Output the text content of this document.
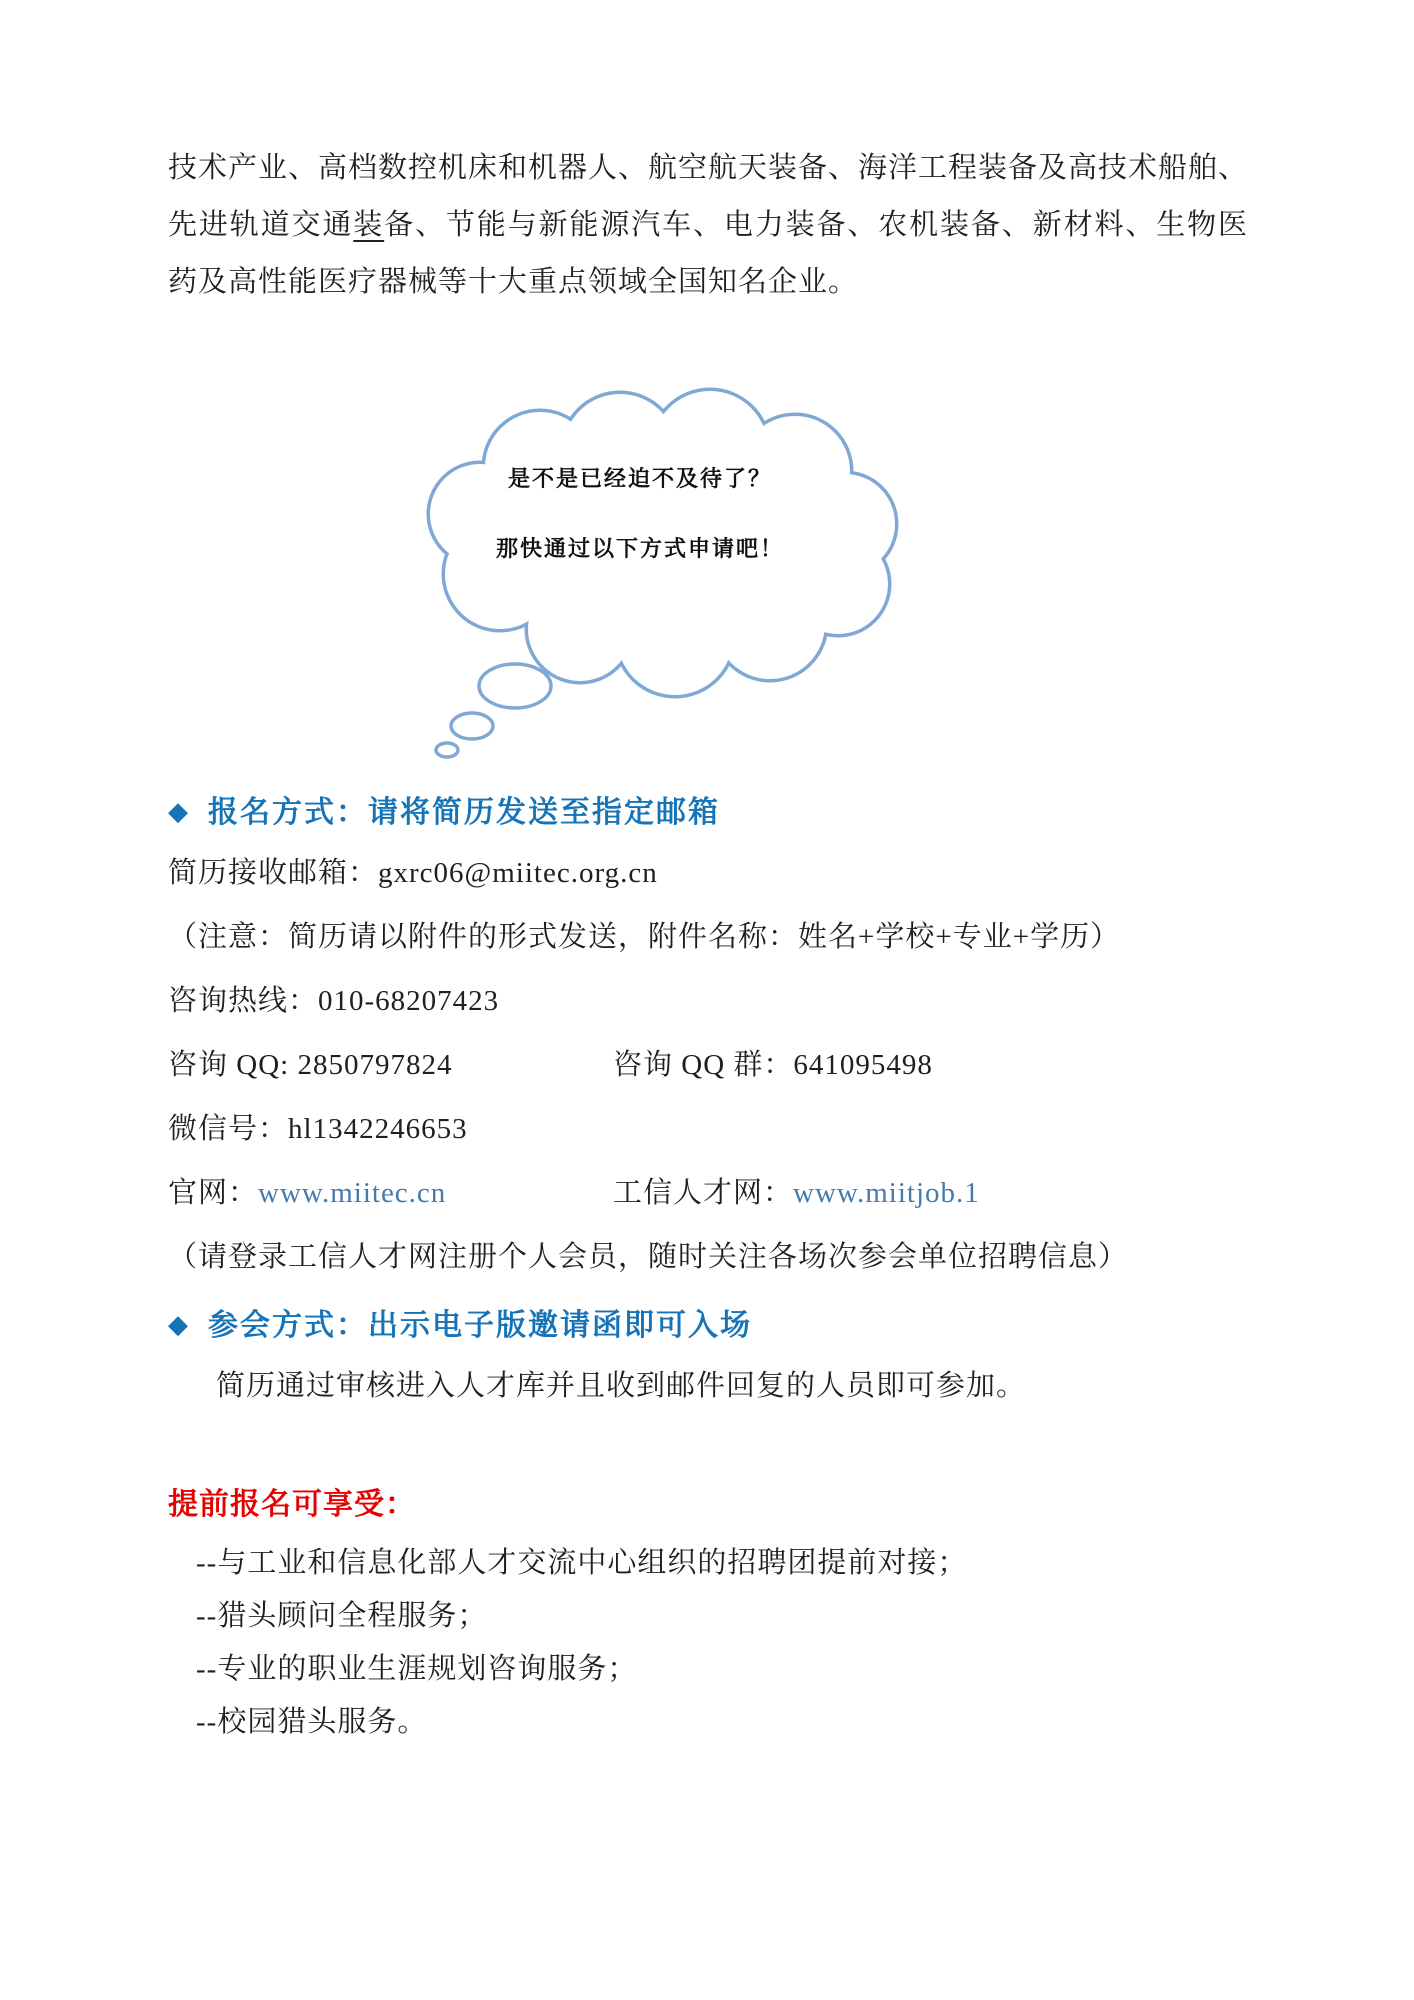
技术产业、高档数控机床和机器人、航空航天装备、海洋工程装备及高技术船舶、先进轨道交通装备、节能与新能源汽车、电力装备、农机装备、新材料、生物医药及高性能医疗器械等十大重点领域全国知名企业。

是不是已经迫不及待了？
那快通过以下方式申请吧！
◆ 报名方式：请将简历发送至指定邮箱

简历接收邮箱：gxrc06@miitec.org.cn

（注意：简历请以附件的形式发送，附件名称：姓名+学校+专业+学历）

咨询热线：010-68207423

咨询 QQ: 2850797824	咨询 QQ 群：641095498

微信号：hl1342246653

官网：www.miitec.cn	工信人才网：www.miitjob.1

（请登录工信人才网注册个人会员，随时关注各场次参会单位招聘信息）

◆ 参会方式：出示电子版邀请函即可入场

简历通过审核进入人才库并且收到邮件回复的人员即可参加。

提前报名可享受：

--与工业和信息化部人才交流中心组织的招聘团提前对接；

--猎头顾问全程服务；

--专业的职业生涯规划咨询服务；

--校园猎头服务。
